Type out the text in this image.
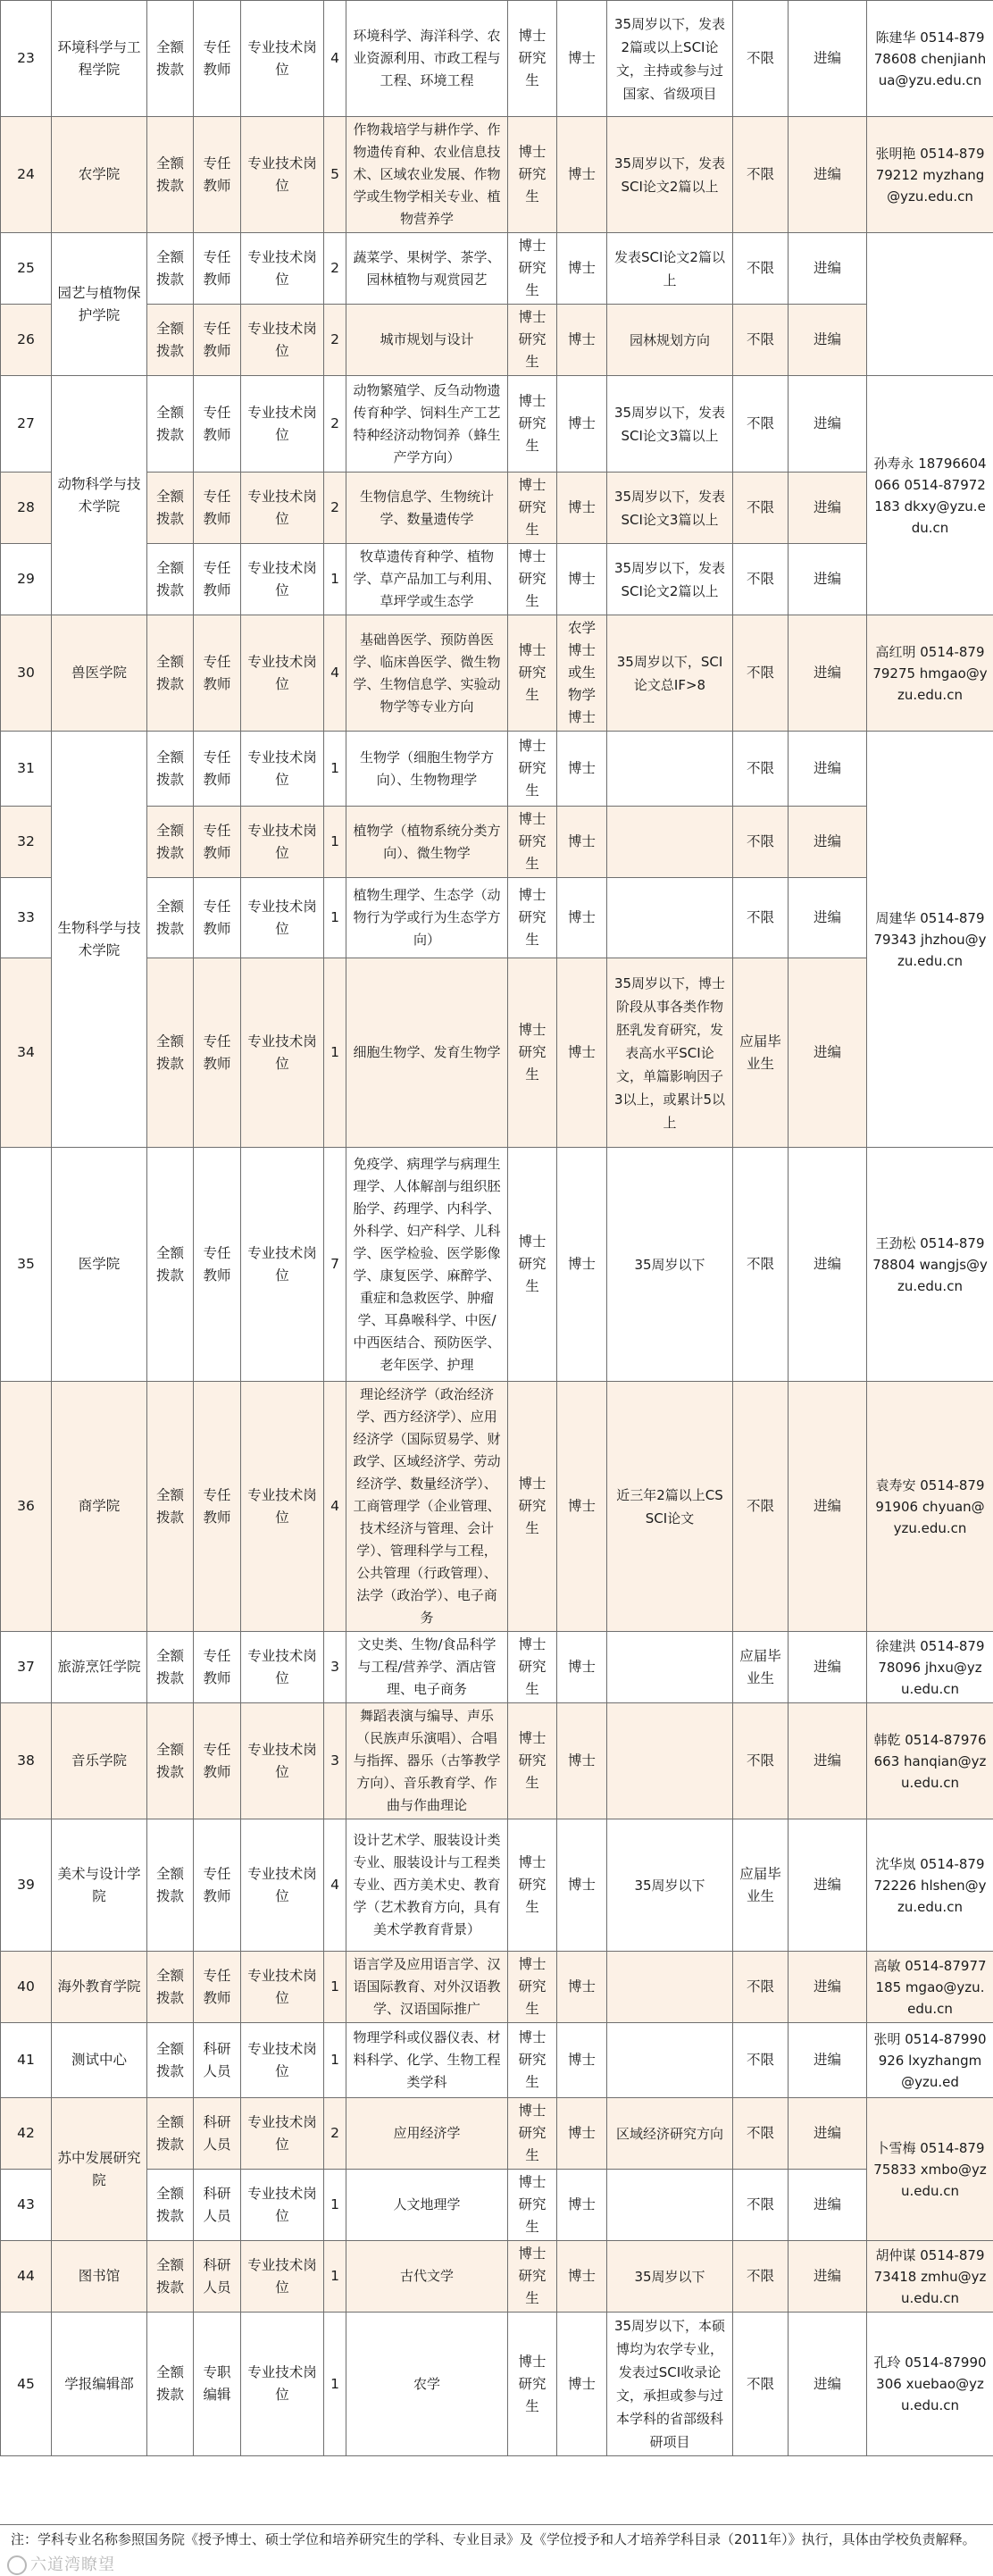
23	环境科学与工程学院	全额拨款	专任教师	专业技术岗位	4	环境科学、海洋科学、农业资源利用、市政工程与工程、环境工程	博士研究生	博士	35周岁以下，发表2篇或以上SCI论文，主持或参与过国家、省级项目	不限	进编	陈建华 0514-87978608 chenjianhua@yzu.edu.cn
24	农学院	全额拨款	专任教师	专业技术岗位	5	作物栽培学与耕作学、作物遗传育种、农业信息技术、区域农业发展、作物学或生物学相关专业、植物营养学	博士研究生	博士	35周岁以下，发表SCI论文2篇以上	不限	进编	张明艳 0514-87979212 myzhang@yzu.edu.cn
25	园艺与植物保护学院	全额拨款	专任教师	专业技术岗位	2	蔬菜学、果树学、茶学、园林植物与观赏园艺	博士研究生	博士	发表SCI论文2篇以上	不限	进编	
26		全额拨款	专任教师	专业技术岗位	2	城市规划与设计	博士研究生	博士	园林规划方向	不限	进编	
27	动物科学与技术学院	全额拨款	专任教师	专业技术岗位	2	动物繁殖学、反刍动物遗传育种学、饲料生产工艺特种经济动物饲养（蜂生产学方向）	博士研究生	博士	35周岁以下，发表SCI论文3篇以上	不限	进编	孙寿永 18796604066 0514-87972183 dkxy@yzu.edu.cn
28		全额拨款	专任教师	专业技术岗位	2	生物信息学、生物统计学、数量遗传学	博士研究生	博士	35周岁以下，发表SCI论文3篇以上	不限	进编	
29		全额拨款	专任教师	专业技术岗位	1	牧草遗传育种学、植物学、草产品加工与利用、草坪学或生态学	博士研究生	博士	35周岁以下，发表SCI论文2篇以上	不限	进编	
30	兽医学院	全额拨款	专任教师	专业技术岗位	4	基础兽医学、预防兽医学、临床兽医学、微生物学、生物信息学、实验动物学等专业方向	博士研究生	农学博士或生物学博士	35周岁以下，SCI论文总IF>8	不限	进编	高红明 0514-87979275 hmgao@yzu.edu.cn
31	生物科学与技术学院	全额拨款	专任教师	专业技术岗位	1	生物学（细胞生物学方向）、生物物理学	博士研究生	博士		不限	进编	周建华 0514-87979343 jhzhou@yzu.edu.cn
32		全额拨款	专任教师	专业技术岗位	1	植物学（植物系统分类方向）、微生物学	博士研究生	博士		不限	进编	
33		全额拨款	专任教师	专业技术岗位	1	植物生理学、生态学（动物行为学或行为生态学方向）	博士研究生	博士		不限	进编	
34		全额拨款	专任教师	专业技术岗位	1	细胞生物学、发育生物学	博士研究生	博士	35周岁以下，博士阶段从事各类作物胚乳发育研究，发表高水平SCI论文，单篇影响因子3以上，或累计5以上	应届毕业生	进编	
35	医学院	全额拨款	专任教师	专业技术岗位	7	免疫学、病理学与病理生理学、人体解剖与组织胚胎学、药理学、内科学、外科学、妇产科学、儿科学、医学检验、医学影像学、康复医学、麻醉学、重症和急救医学、肿瘤学、耳鼻喉科学、中医/中西医结合、预防医学、老年医学、护理	博士研究生	博士	35周岁以下	不限	进编	王劲松 0514-87978804 wangjs@yzu.edu.cn
36	商学院	全额拨款	专任教师	专业技术岗位	4	理论经济学（政治经济学、西方经济学）、应用经济学（国际贸易学、财政学、区域经济学、劳动经济学、数量经济学）、工商管理学（企业管理、技术经济与管理、会计学）、管理科学与工程，公共管理（行政管理）、法学（政治学）、电子商务	博士研究生	博士	近三年2篇以上CSSCI论文	不限	进编	袁寿安 0514-87991906 chyuan@yzu.edu.cn
37	旅游烹饪学院	全额拨款	专任教师	专业技术岗位	3	文史类、生物/食品科学与工程/营养学、酒店管理、电子商务	博士研究生	博士		应届毕业生	进编	徐建洪 0514-87978096 jhxu@yzu.edu.cn
38	音乐学院	全额拨款	专任教师	专业技术岗位	3	舞蹈表演与编导、声乐（民族声乐演唱）、合唱与指挥、器乐（古筝教学方向）、音乐教育学、作曲与作曲理论	博士研究生	博士		不限	进编	韩乾 0514-87976663 hanqian@yzu.edu.cn
39	美术与设计学院	全额拨款	专任教师	专业技术岗位	4	设计艺术学、服装设计类专业、服装设计与工程类专业、西方美术史、教育学（艺术教育方向，具有美术学教育背景）	博士研究生	博士	35周岁以下	应届毕业生	进编	沈华岚 0514-87972226 hlshen@yzu.edu.cn
40	海外教育学院	全额拨款	专任教师	专业技术岗位	1	语言学及应用语言学、汉语国际教育、对外汉语教学、汉语国际推广	博士研究生	博士		不限	进编	高敏 0514-87977185 mgao@yzu.edu.cn
41	测试中心	全额拨款	科研人员	专业技术岗位	1	物理学科或仪器仪表、材料科学、化学、生物工程类学科	博士研究生	博士		不限	进编	张明 0514-87990926 lxyzhangm@yzu.ed
42	苏中发展研究院	全额拨款	科研人员	专业技术岗位	2	应用经济学	博士研究生	博士	区域经济研究方向	不限	进编	卜雪梅 0514-87975833 xmbo@yzu.edu.cn
43		全额拨款	科研人员	专业技术岗位	1	人文地理学	博士研究生	博士		不限	进编	
44	图书馆	全额拨款	科研人员	专业技术岗位	1	古代文学	博士研究生	博士	35周岁以下	不限	进编	胡仲谋 0514-87973418 zmhu@yzu.edu.cn
45	学报编辑部	全额拨款	专职编辑	专业技术岗位	1	农学	博士研究生	博士	35周岁以下，本硕博均为农学专业，发表过SCI收录论文，承担或参与过本学科的省部级科研项目	不限	进编	孔玲 0514-87990306 xuebao@yzu.edu.cn
注：学科专业名称参照国务院《授予博士、硕士学位和培养研究生的学科、专业目录》及《学位授予和人才培养学科目录（2011年）》执行，具体由学校负责解释。
六道湾瞭望
